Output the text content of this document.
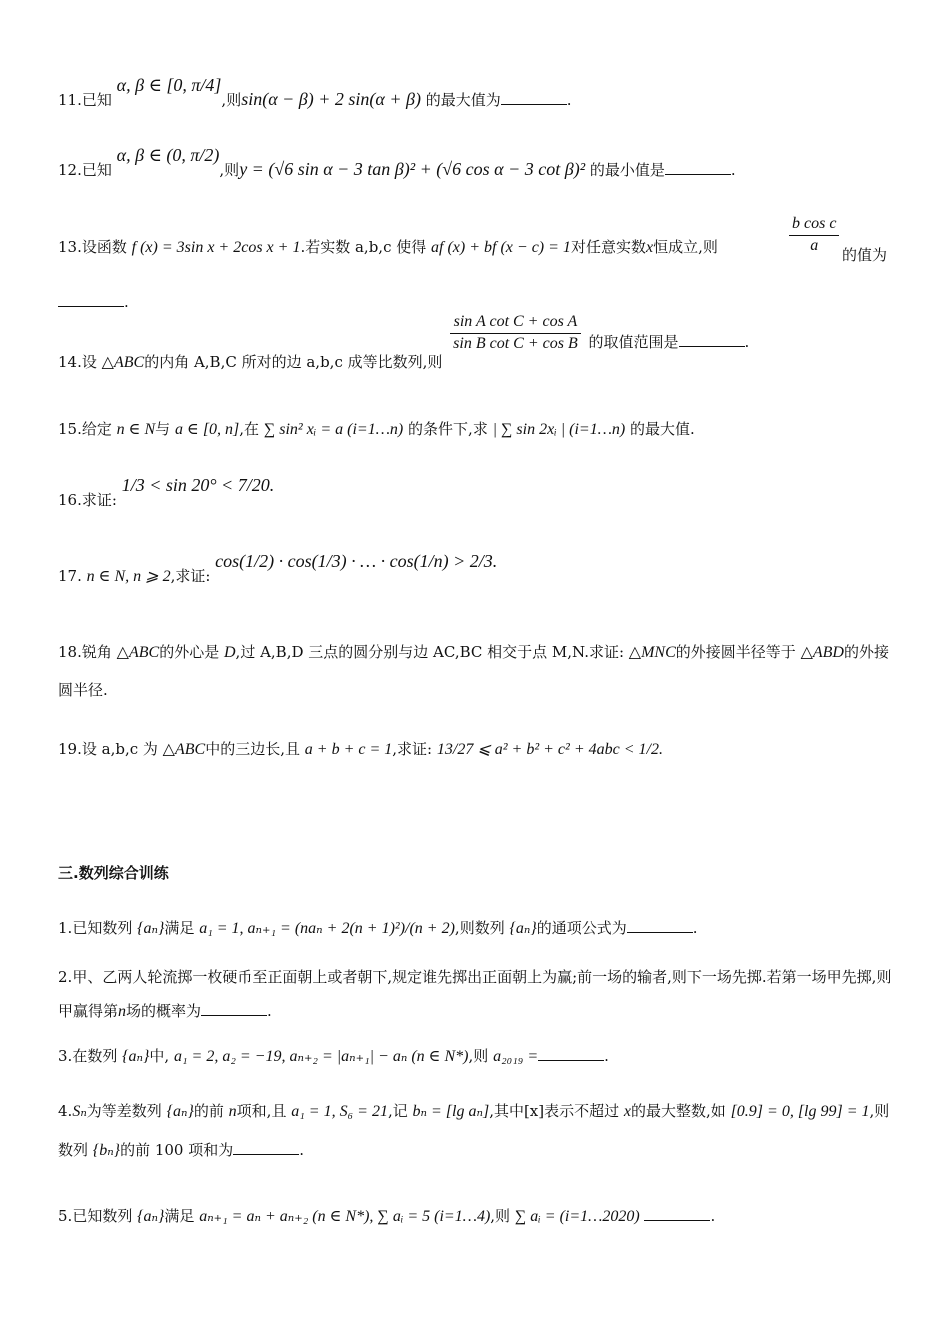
11.已知 α, β ∈ [0, π/4],则sin(α − β) + 2 sin(α + β) 的最大值为	.
12.已知 α, β ∈ (0, π/2),则y = (√6 sin α − 3 tan β)² + (√6 cos α − 3 cot β)² 的最小值是	.
13.设函数 f (x) = 3sin x + 2cos x + 1.若实数 a,b,c 使得 af (x) + bf (x − c) = 1对任意实数x恒成立,则	$\frac{\text{b cos c}}{a}$ 的值为
.
14.设 △ABC的内角 A,B,C 所对的边 a,b,c 成等比数列,则
$\frac{\text{sin A cot C + cos A}}{\text{sin B cot C + cos B}}$ 的取值范围是	.
15.给定 n ∈ N与 a ∈ [0, n],在 ∑ sin² xᵢ = a (i=1…n) 的条件下,求 | ∑ sin 2xᵢ | (i=1…n) 的最大值.
16.求证: 1/3 < sin 20° < 7/20.
17. n ∈ N, n ⩾ 2,求证: cos(1/2) · cos(1/3) · … · cos(1/n) > 2/3.
18.锐角 △ABC的外心是 D,过 A,B,D 三点的圆分别与边 AC,BC 相交于点 M,N.求证: △MNC的外接圆半径等于 △ABD的外接圆半径.
19.设 a,b,c 为 △ABC中的三边长,且 a + b + c = 1,求证: 13/27 ⩽ a² + b² + c² + 4abc < 1/2.
三.数列综合训练
1.已知数列 {aₙ}满足 a₁ = 1, aₙ₊₁ = (naₙ + 2(n + 1)²)/(n + 2),则数列 {aₙ}的通项公式为	.
2.甲、乙两人轮流掷一枚硬币至正面朝上或者朝下,规定谁先掷出正面朝上为赢;前一场的输者,则下一场先掷.若第一场甲先掷,则甲赢得第n场的概率为	.
3.在数列 {aₙ}中, a₁ = 2, a₂ = −19, aₙ₊₂ = |aₙ₊₁| − aₙ (n ∈ N*),则 a₂₀₁₉ =	.
4.Sₙ为等差数列 {aₙ}的前 n项和,且 a₁ = 1, S₆ = 21,记 bₙ = [lg aₙ],其中[x]表示不超过 x的最大整数,如 [0.9] = 0, [lg 99] = 1,则数列 {bₙ}的前 100 项和为	.
5.已知数列 {aₙ}满足 aₙ₊₁ = aₙ + aₙ₊₂ (n ∈ N*), ∑ aᵢ = 5 (i=1…4),则 ∑ aᵢ = (i=1…2020)	.
